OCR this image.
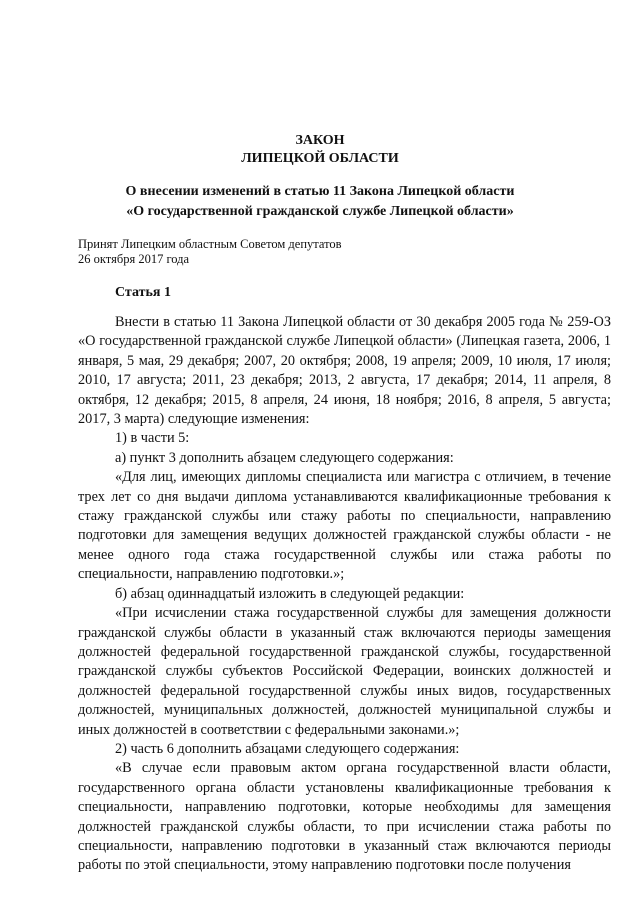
ЗАКОН
ЛИПЕЦКОЙ ОБЛАСТИ
О внесении изменений в статью 11 Закона Липецкой области
«О государственной гражданской службе Липецкой области»
Принят Липецким областным Советом депутатов
26 октября 2017 года
Статья 1

Внести в статью 11 Закона Липецкой области от 30 декабря 2005 года № 259-ОЗ «О государственной гражданской службе Липецкой области» (Липецкая газета, 2006, 1 января, 5 мая, 29 декабря; 2007, 20 октября; 2008, 19 апреля; 2009, 10 июля, 17 июля; 2010, 17 августа; 2011, 23 декабря; 2013, 2 августа, 17 декабря; 2014, 11 апреля, 8 октября, 12 декабря; 2015, 8 апреля, 24 июня, 18 ноября; 2016, 8 апреля, 5 августа; 2017, 3 марта) следующие изменения:

1) в части 5:

а) пункт 3 дополнить абзацем следующего содержания:

«Для лиц, имеющих дипломы специалиста или магистра с отличием, в течение трех лет со дня выдачи диплома устанавливаются квалификационные требования к стажу гражданской службы или стажу работы по специальности, направлению подготовки для замещения ведущих должностей гражданской службы области - не менее одного года стажа государственной службы или стажа работы по специальности, направлению подготовки.»;

б) абзац одиннадцатый изложить в следующей редакции:

«При исчислении стажа государственной службы для замещения должности гражданской службы области в указанный стаж включаются периоды замещения должностей федеральной государственной гражданской службы, государственной гражданской службы субъектов Российской Федерации, воинских должностей и должностей федеральной государственной службы иных видов, государственных должностей, муниципальных должностей, должностей муниципальной службы и иных должностей в соответствии с федеральными законами.»;

2) часть 6 дополнить абзацами следующего содержания:

«В случае если правовым актом органа государственной власти области, государственного органа области установлены квалификационные требования к специальности, направлению подготовки, которые необходимы для замещения должностей гражданской службы области, то при исчислении стажа работы по специальности, направлению подготовки в указанный стаж включаются периоды работы по этой специальности, этому направлению подготовки после получения
